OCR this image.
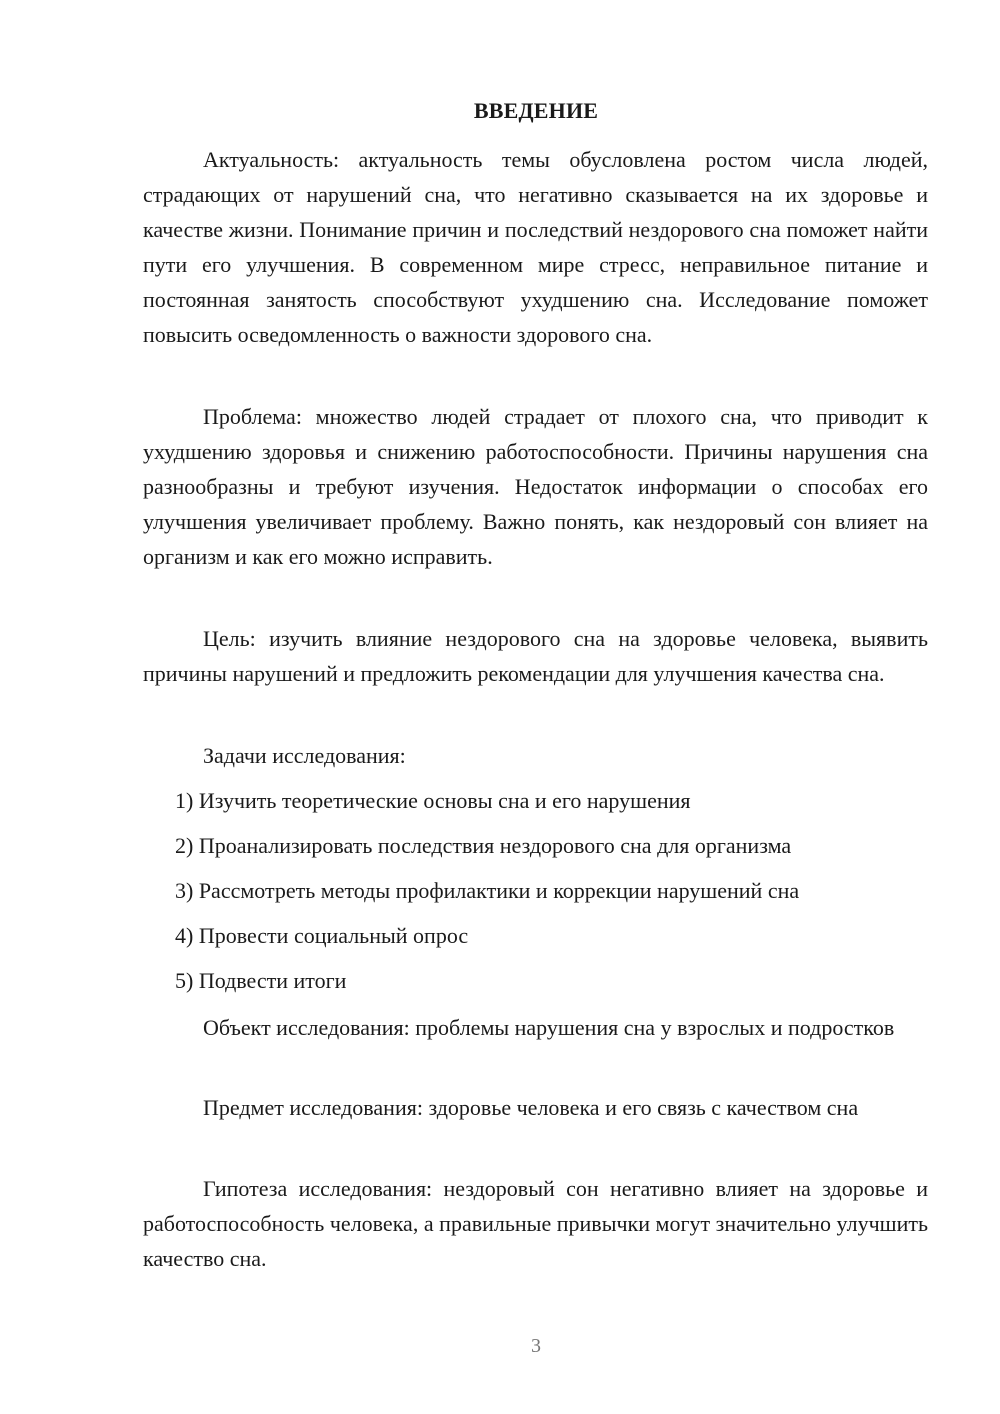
ВВЕДЕНИЕ

Актуальность: актуальность темы обусловлена ростом числа людей, страдающих от нарушений сна, что негативно сказывается на их здоровье и качестве жизни. Понимание причин и последствий нездорового сна поможет найти пути его улучшения. В современном мире стресс, неправильное питание и постоянная занятость способствуют ухудшению сна. Исследование поможет повысить осведомленность о важности здорового сна.

Проблема: множество людей страдает от плохого сна, что приводит к ухудшению здоровья и снижению работоспособности. Причины нарушения сна разнообразны и требуют изучения. Недостаток информации о способах его улучшения увеличивает проблему. Важно понять, как нездоровый сон влияет на организм и как его можно исправить.

Цель: изучить влияние нездорового сна на здоровье человека, выявить причины нарушений и предложить рекомендации для улучшения качества сна.

Задачи исследования:

1) Изучить теоретические основы сна и его нарушения
2) Проанализировать последствия нездорового сна для организма
3) Рассмотреть методы профилактики и коррекции нарушений сна
4) Провести социальный опрос
5) Подвести итоги

Объект исследования: проблемы нарушения сна у взрослых и подростков

Предмет исследования: здоровье человека и его связь с качеством сна

Гипотеза исследования: нездоровый сон негативно влияет на здоровье и работоспособность человека, а правильные привычки могут значительно улучшить качество сна.

3
